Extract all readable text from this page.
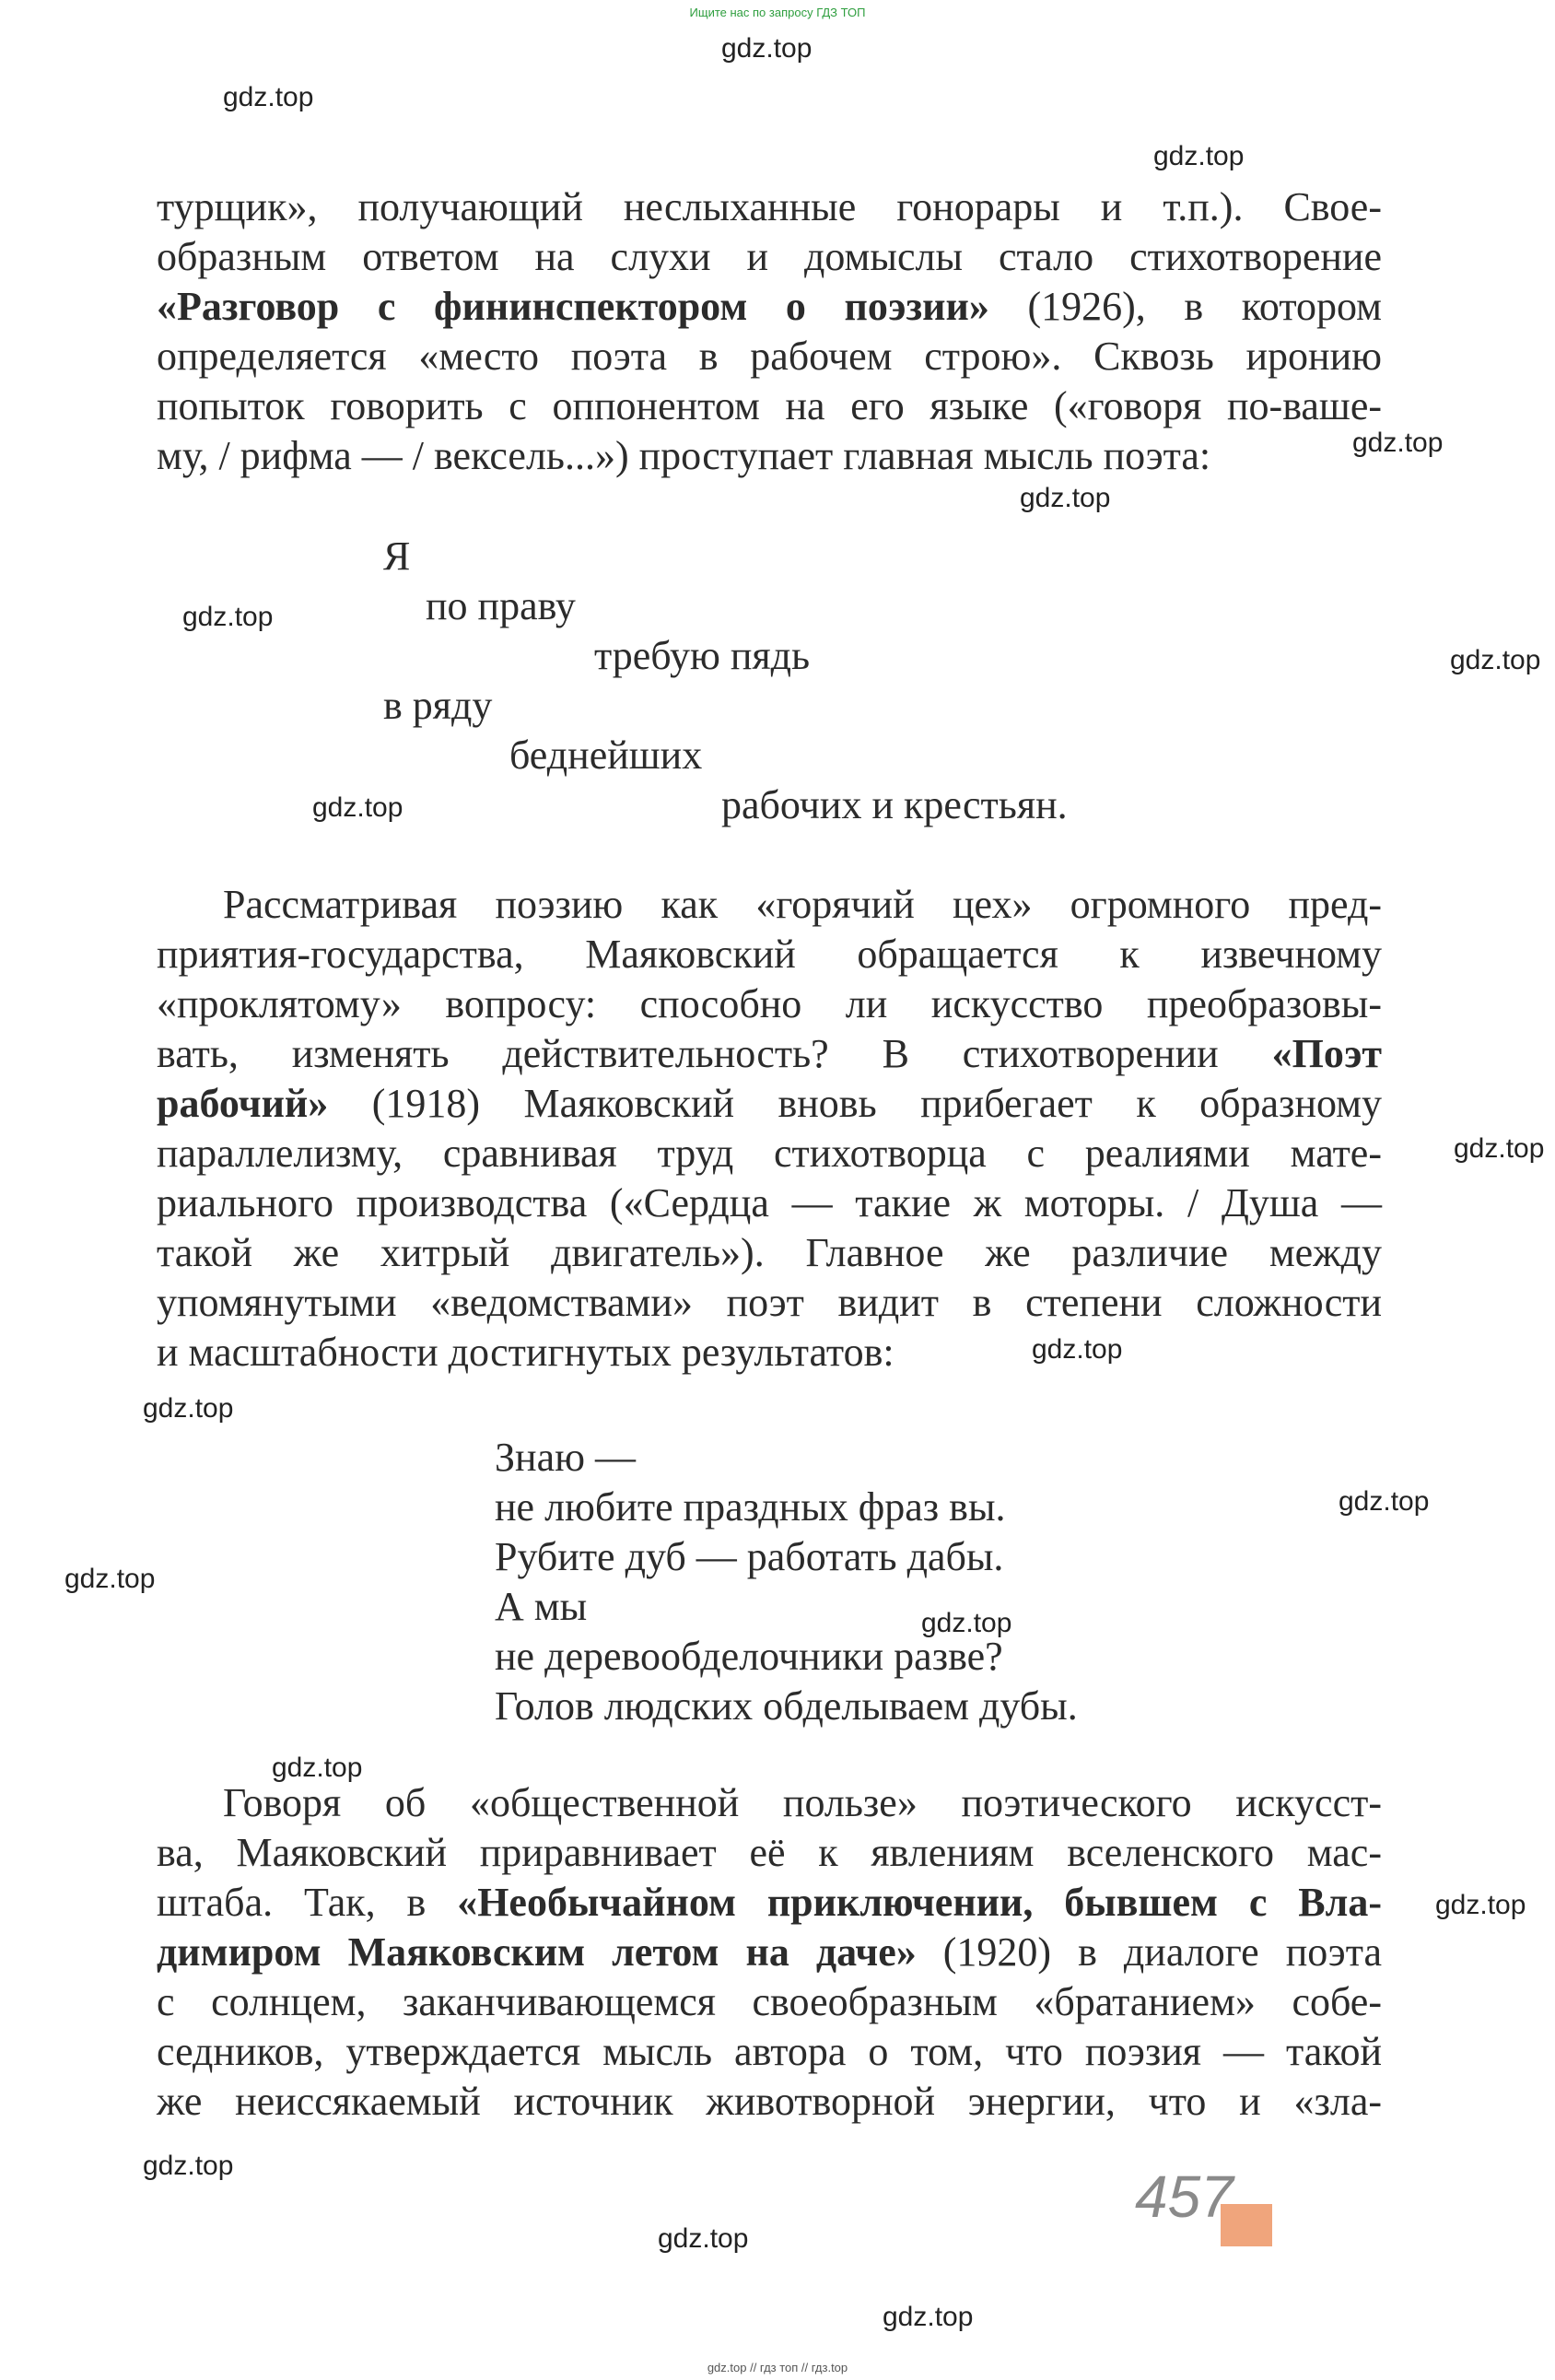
Ищите нас по запросу ГДЗ ТОП
gdz.top
gdz.top
gdz.top
gdz.top
gdz.top
gdz.top
gdz.top
gdz.top
gdz.top
gdz.top
gdz.top
gdz.top
gdz.top
gdz.top
gdz.top
gdz.top
gdz.top
gdz.top
gdz.top
турщик», получающий неслыханные гонорары и т.п.). Свое-
образным ответом на слухи и домыслы стало стихотворение
«Разговор с фининспектором о поэзии» (1926), в котором
определяется «место поэта в рабочем строю». Сквозь иронию
попыток говорить с оппонентом на его языке («говоря по-ваше-
му, / рифма — / вексель...») проступает главная мысль поэта:
Я
по праву
требую пядь
в ряду
беднейших
рабочих и крестьян.
Рассматривая поэзию как «горячий цех» огромного пред-
приятия-государства, Маяковский обращается к извечному
«проклятому» вопросу: способно ли искусство преобразовы-
вать, изменять действительность? В стихотворении «Поэт
рабочий» (1918) Маяковский вновь прибегает к образному
параллелизму, сравнивая труд стихотворца с реалиями мате-
риального производства («Сердца — такие ж моторы. / Душа —
такой же хитрый двигатель»). Главное же различие между
упомянутыми «ведомствами» поэт видит в степени сложности
и масштабности достигнутых результатов:
Знаю —
не любите праздных фраз вы.
Рубите дуб — работать дабы.
А мы
не деревообделочники разве?
Голов людских обделываем дубы.
Говоря об «общественной пользе» поэтического искусст-
ва, Маяковский приравнивает её к явлениям вселенского мас-
штаба. Так, в «Необычайном приключении, бывшем с Вла-
димиром Маяковским летом на даче» (1920) в диалоге поэта
с солнцем, заканчивающемся своеобразным «братанием» собе-
седников, утверждается мысль автора о том, что поэзия — такой
же неиссякаемый источник животворной энергии, что и «зла-
457
gdz.top // гдз топ // гдз.top
